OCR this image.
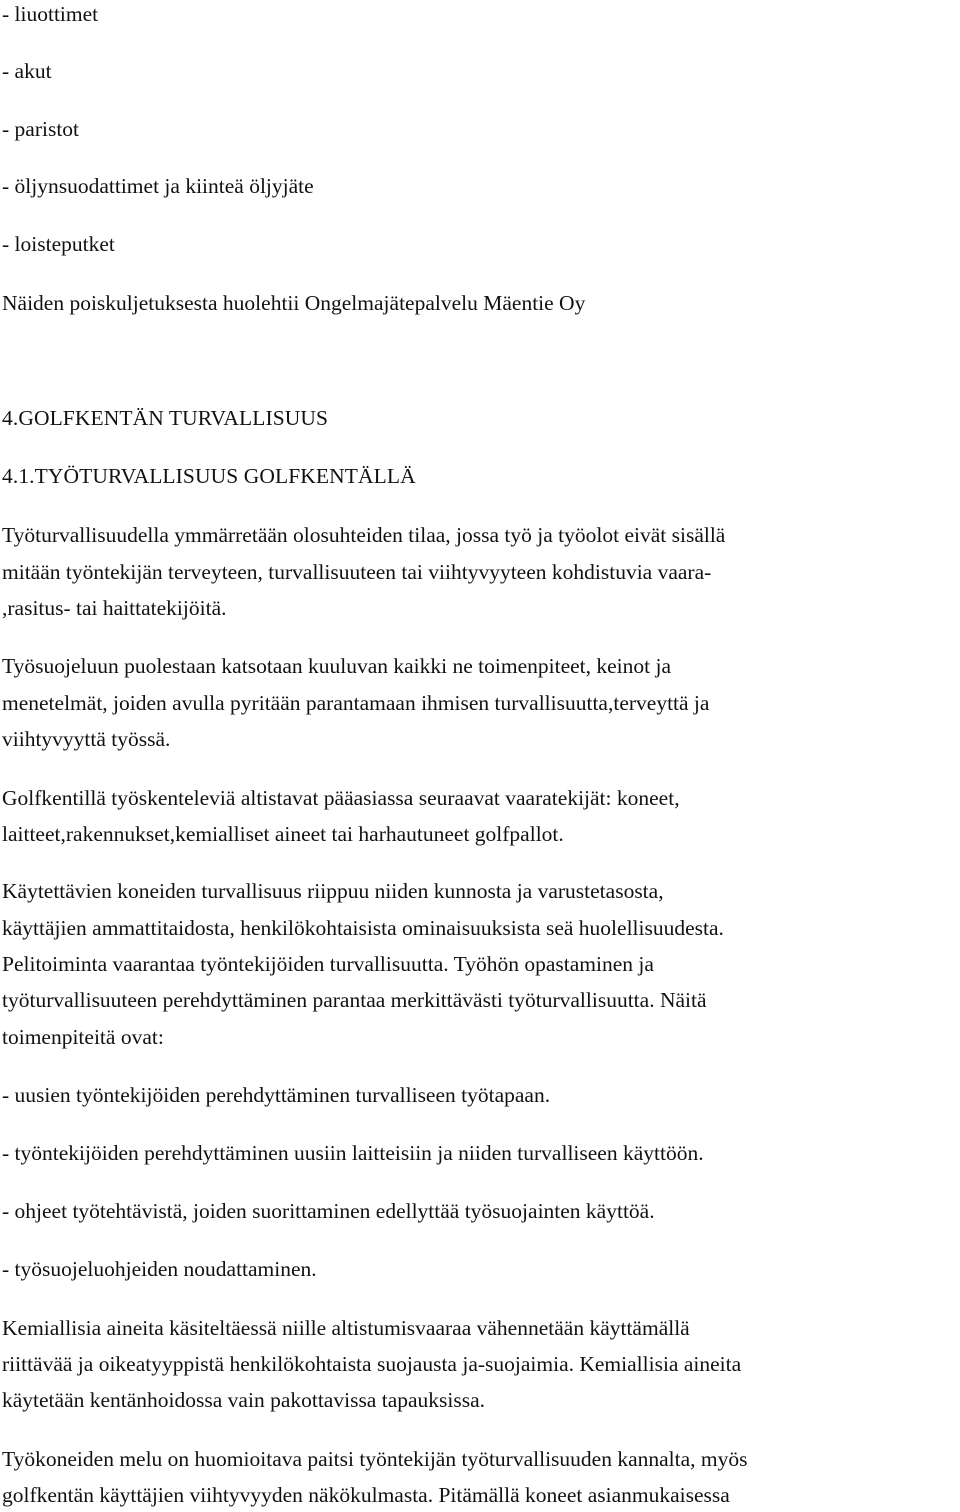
- liuottimet

- akut

- paristot

- öljynsuodattimet ja kiinteä öljyjäte

- loisteputket

Näiden poiskuljetuksesta huolehtii Ongelmajätepalvelu Mäentie Oy

4.GOLFKENTÄN TURVALLISUUS

4.1.TYÖTURVALLISUUS GOLFKENTÄLLÄ

Työturvallisuudella ymmärretään olosuhteiden tilaa, jossa työ ja työolot eivät sisällä

mitään työntekijän terveyteen, turvallisuuteen tai viihtyvyyteen kohdistuvia vaara-

,rasitus- tai haittatekijöitä.

Työsuojeluun puolestaan katsotaan kuuluvan kaikki ne toimenpiteet, keinot ja

menetelmät, joiden avulla pyritään parantamaan ihmisen turvallisuutta,terveyttä ja

viihtyvyyttä työssä.

Golfkentillä työskenteleviä altistavat pääasiassa seuraavat vaaratekijät: koneet,

laitteet,rakennukset,kemialliset aineet tai harhautuneet golfpallot.

Käytettävien koneiden turvallisuus riippuu niiden kunnosta ja varustetasosta,

käyttäjien ammattitaidosta, henkilökohtaisista ominaisuuksista seä huolellisuudesta.

Pelitoiminta vaarantaa työntekijöiden turvallisuutta. Työhön opastaminen ja

työturvallisuuteen perehdyttäminen parantaa merkittävästi työturvallisuutta. Näitä

toimenpiteitä ovat:

- uusien työntekijöiden perehdyttäminen turvalliseen työtapaan.

- työntekijöiden perehdyttäminen uusiin laitteisiin ja niiden turvalliseen käyttöön.

- ohjeet työtehtävistä, joiden suorittaminen edellyttää työsuojainten käyttöä.

- työsuojeluohjeiden noudattaminen.

Kemiallisia aineita käsiteltäessä niille altistumisvaaraa vähennetään käyttämällä

riittävää ja oikeatyyppistä henkilökohtaista suojausta ja-suojaimia. Kemiallisia aineita

käytetään kentänhoidossa vain pakottavissa tapauksissa.

Työkoneiden melu on huomioitava paitsi työntekijän työturvallisuuden kannalta, myös

golfkentän käyttäjien viihtyvyyden näkökulmasta. Pitämällä koneet asianmukaisessa
